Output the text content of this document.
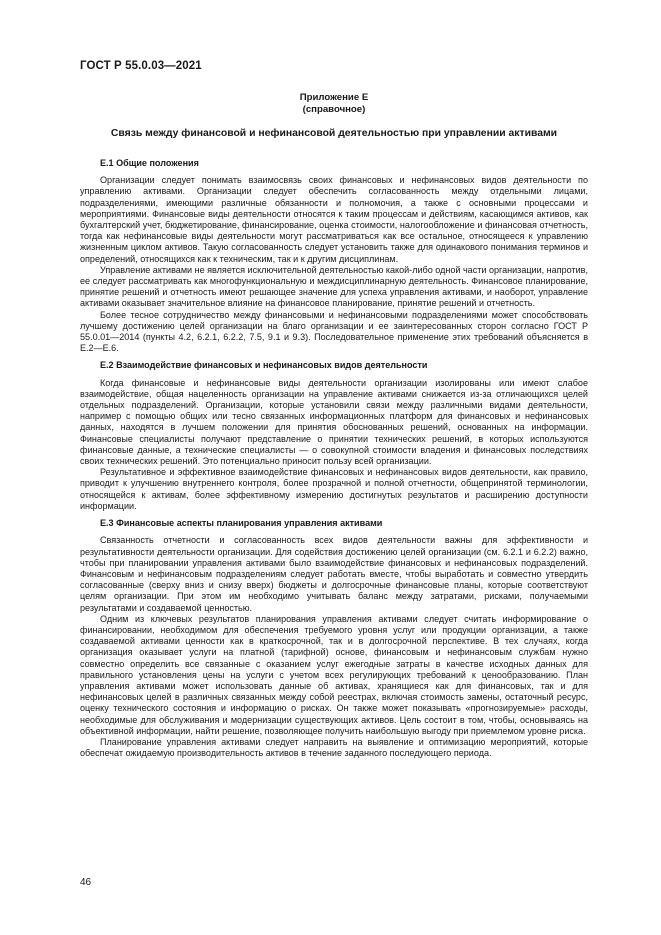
ГОСТ Р 55.0.03—2021
Приложение Е
(справочное)
Связь между финансовой и нефинансовой деятельностью при управлении активами
Е.1 Общие положения

Организации следует понимать взаимосвязь своих финансовых и нефинансовых видов деятельности по управлению активами. Организации следует обеспечить согласованность между отдельными лицами, подразделениями, имеющими различные обязанности и полномочия, а также с основными процессами и мероприятиями. Финансовые виды деятельности относятся к таким процессам и действиям, касающимся активов, как бухгалтерский учет, бюджетирование, финансирование, оценка стоимости, налогообложение и финансовая отчетность, тогда как нефинансовые виды деятельности могут рассматриваться как все остальное, относящееся к управлению жизненным циклом активов. Такую согласованность следует установить также для одинакового понимания терминов и определений, относящихся как к техническим, так и к другим дисциплинам.

Управление активами не является исключительной деятельностью какой-либо одной части организации, напротив, ее следует рассматривать как многофункциональную и междисциплинарную деятельность. Финансовое планирование, принятие решений и отчетность имеют решающее значение для успеха управления активами, и наоборот, управление активами оказывает значительное влияние на финансовое планирование, принятие решений и отчетность.

Более тесное сотрудничество между финансовыми и нефинансовыми подразделениями может способствовать лучшему достижению целей организации на благо организации и ее заинтересованных сторон согласно ГОСТ Р 55.0.01—2014 (пункты 4.2, 6.2.1, 6.2.2, 7.5, 9.1 и 9.3). Последовательное применение этих требований объясняется в Е.2—Е.6.

Е.2 Взаимодействие финансовых и нефинансовых видов деятельности

Когда финансовые и нефинансовые виды деятельности организации изолированы или имеют слабое взаимодействие, общая нацеленность организации на управление активами снижается из-за отличающихся целей отдельных подразделений. Организации, которые установили связи между различными видами деятельности, например с помощью общих или тесно связанных информационных платформ для финансовых и нефинансовых данных, находятся в лучшем положении для принятия обоснованных решений, основанных на информации. Финансовые специалисты получают представление о принятии технических решений, в которых используются финансовые данные, а технические специалисты — о совокупной стоимости владения и финансовых последствиях своих технических решений. Это потенциально приносит пользу всей организации.

Результативное и эффективное взаимодействие финансовых и нефинансовых видов деятельности, как правило, приводит к улучшению внутреннего контроля, более прозрачной и полной отчетности, общепринятой терминологии, относящейся к активам, более эффективному измерению достигнутых результатов и расширению доступности информации.

Е.3 Финансовые аспекты планирования управления активами

Связанность отчетности и согласованность всех видов деятельности важны для эффективности и результативности деятельности организации. Для содействия достижению целей организации (см. 6.2.1 и 6.2.2) важно, чтобы при планировании управления активами было взаимодействие финансовых и нефинансовых подразделений. Финансовым и нефинансовым подразделениям следует работать вместе, чтобы выработать и совместно утвердить согласованные (сверху вниз и снизу вверх) бюджеты и долгосрочные финансовые планы, которые соответствуют целям организации. При этом им необходимо учитывать баланс между затратами, рисками, получаемыми результатами и создаваемой ценностью.

Одним из ключевых результатов планирования управления активами следует считать информирование о финансировании, необходимом для обеспечения требуемого уровня услуг или продукции организации, а также создаваемой активами ценности как в краткосрочной, так и в долгосрочной перспективе. В тех случаях, когда организация оказывает услуги на платной (тарифной) основе, финансовым и нефинансовым службам нужно совместно определить все связанные с оказанием услуг ежегодные затраты в качестве исходных данных для правильного установления цены на услуги с учетом всех регулирующих требований к ценообразованию. План управления активами может использовать данные об активах, хранящиеся как для финансовых, так и для нефинансовых целей в различных связанных между собой реестрах, включая стоимость замены, остаточный ресурс, оценку технического состояния и информацию о рисках. Он также может показывать «прогнозируемые» расходы, необходимые для обслуживания и модернизации существующих активов. Цель состоит в том, чтобы, основываясь на объективной информации, найти решение, позволяющее получить наибольшую выгоду при приемлемом уровне риска.

Планирование управления активами следует направить на выявление и оптимизацию мероприятий, которые обеспечат ожидаемую производительность активов в течение заданного последующего периода.

46
